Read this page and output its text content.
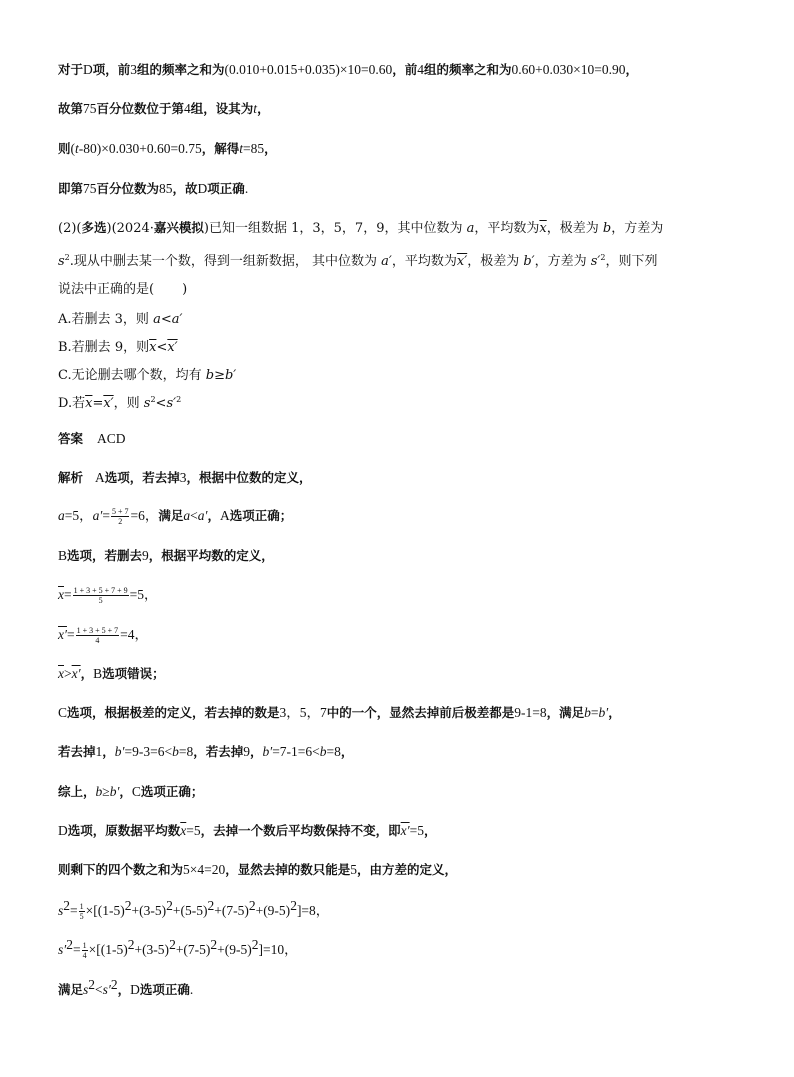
对于D项，前3组的频率之和为(0.010+0.015+0.035)×10=0.60，前4组的频率之和为0.60+0.030×10=0.90，
故第75百分位数位于第4组，设其为t，
则(t-80)×0.030+0.60=0.75，解得t=85，
即第75百分位数为85，故D项正确.
(2)(多选)(2024·嘉兴模拟)已知一组数据 1，3，5，7，9，其中位数为 a，平均数为$\overline{x}$，极差为 b，方差为
$s^2$.现从中删去某一个数，得到一组新数据， 其中位数为 a′，平均数为x′，极差为 b′，方差为 $s'^2$，则下列
说法中正确的是( )
A.若删去 3，则 a<a′
B.若删去 9，则$\overline{x}<x'$
C.无论删去哪个数，均有 b≥b′
D.若$\overline{x}=x'$，则 $s^2<s'^2$
答案 ACD
解析 A选项，若去掉3，根据中位数的定义，
a=5，$a'= \frac{5 + 7}{2} =6$，满足a<a′，A选项正确；
B选项，若删去9，根据平均数的定义，
$\overline{x}= \frac{1 + 3 + 5 + 7 + 9}{5} =5$，
$x'= \frac{1 + 3 + 5 + 7}{4} =4$，
$\overline{x}>x'$，B选项错误；
C选项，根据极差的定义，若去掉的数是3，5，7中的一个，显然去掉前后极差都是9-1=8，满足b=b′，
若去掉1，b′=9-3=6<b=8，若去掉9，b′=7-1=6<b=8，
综上，b≥b′，C选项正确；
D选项，原数据平均数$\overline{x}=5$，去掉一个数后平均数保持不变，即x′=5，
则剩下的四个数之和为5×4=20，显然去掉的数只能是5，由方差的定义，
$s^2= \frac{1}{5} \times[(1-5)^2+(3-5)^2+(5-5)^2+(7-5)^2+(9-5)^2]=8$，
$s'^2= \frac{1}{4} \times[(1-5)^2+(3-5)^2+(7-5)^2+(9-5)^2]=10$，
满足$s^2<s'^2$，D选项正确.
